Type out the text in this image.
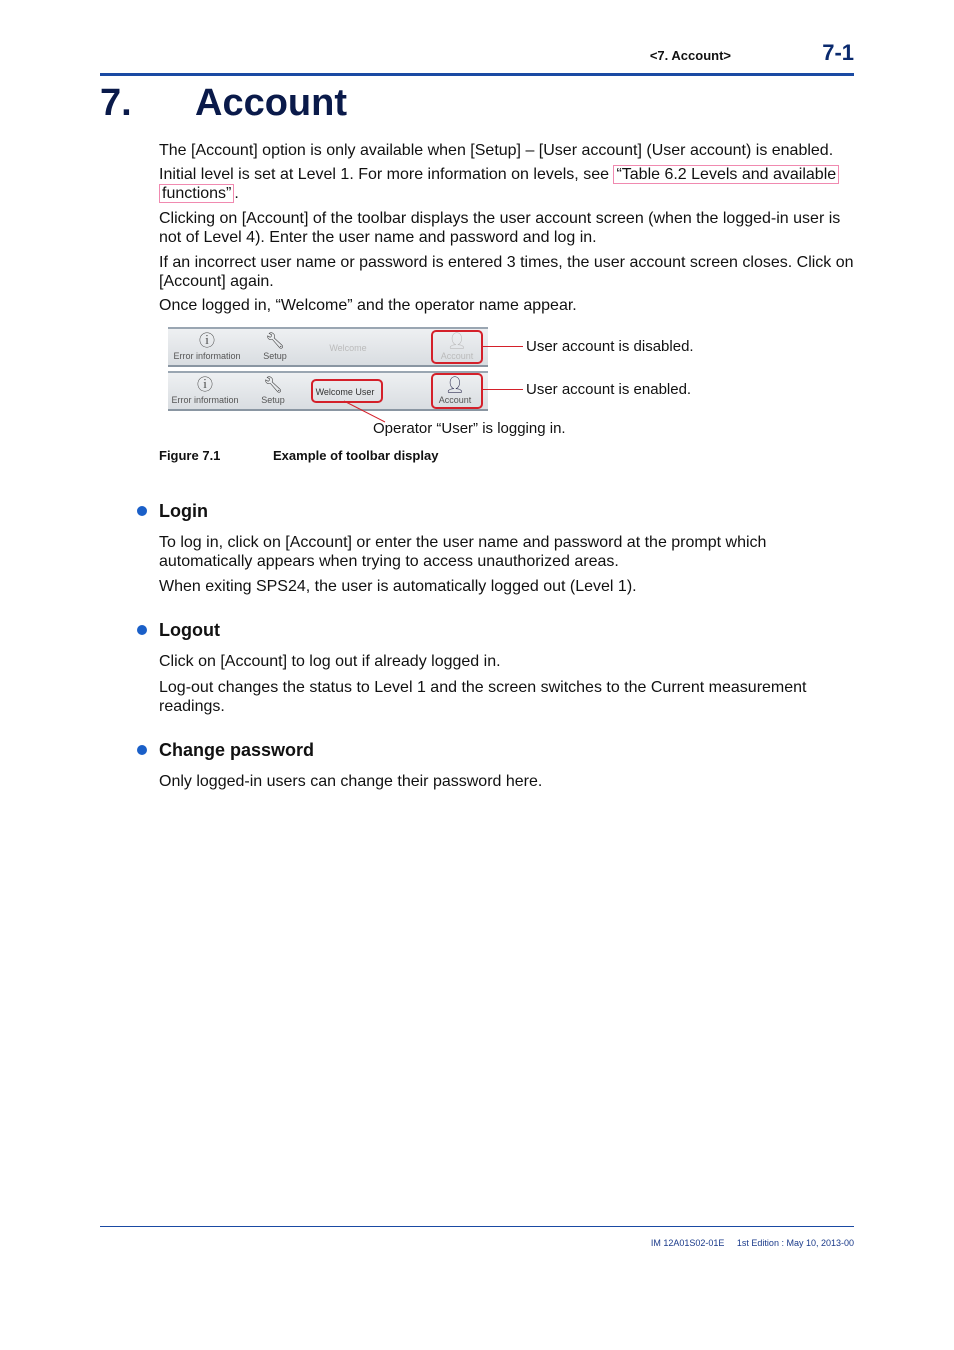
<7. Account>	7-1
7. Account
The [Account] option is only available when [Setup] – [User account] (User account) is enabled.
Initial level is set at Level 1. For more information on levels, see “Table 6.2 Levels and available
functions” .
Clicking on [Account] of the toolbar displays the user account screen (when the logged-in user is not of Level 4). Enter the user name and password and log in.
If an incorrect user name or password is entered 3 times, the user account screen closes. Click on [Account] again.
Once logged in, “Welcome” and the operator name appear.
ⓘ
Error information
🔧︎
Setup
Welcome	👤︎
Account
User account is disabled.
ⓘ
Error information
🔧︎
Setup
Welcome User	👤︎
Account
User account is enabled.
Operator “User” is logging in.
Figure 7.1	Example of toolbar display
Login
To log in, click on [Account] or enter the user name and password at the prompt which automatically appears when trying to access unauthorized areas.
When exiting SPS24, the user is automatically logged out (Level 1).
Logout
Click on [Account] to log out if already logged in.
Log-out changes the status to Level 1 and the screen switches to the Current measurement readings.
Change password
Only logged-in users can change their password here.
IM 12A01S02-01E 1st Edition : May 10, 2013-00
